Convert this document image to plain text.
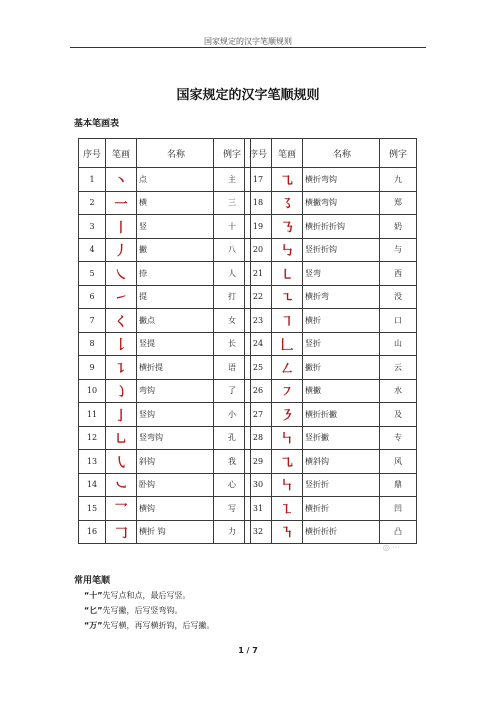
国家规定的汉字笔顺规则
国家规定的汉字笔顺规则
基本笔画表
序号	笔画	名称	例字
1	丶	点	主
2	一	横	三
3	丨	竖	十
4	丿	撇	八
5	㇏	捺	人
6	㇀	提	打
7	く	撇点	女
8	𠄌	竖提	长
9	㇊	横折提	语
10	㇁	弯钩	了
11	亅	竖钩	小
12	㇟	竖弯钩	孔
13	㇂	斜钩	我
14	㇃	卧钩	心
15	乛	横钩	写
16	𠃌	横折 钩	力
序号	笔画	名称	例字
17	㇈	横折弯钩	九
18	㇌	横撇弯钩	郑
19	㇡	横折折折钩	奶
20	㇉	竖折折钩	与
21	㇄	竖弯	西
22	㇍	横折弯	没
23	㇕	横折	口
24	𠃊	竖折	山
25	㇜	撇折	云
26	㇇	横撇	水
27	㇋	横折折撇	及
28	㇞	竖折撇	专
29	㇈	横斜钩	风
30	㇞	竖折折	鼎
31	㇅	横折折	凹
32	㇎	横折折折	凸
◎ ···
常用笔顺
“十”先写点和点，最后写竖。
“匕”先写撇，后写竖弯钩。
“万”先写横，再写横折钩，后写撇。
1 / 7
